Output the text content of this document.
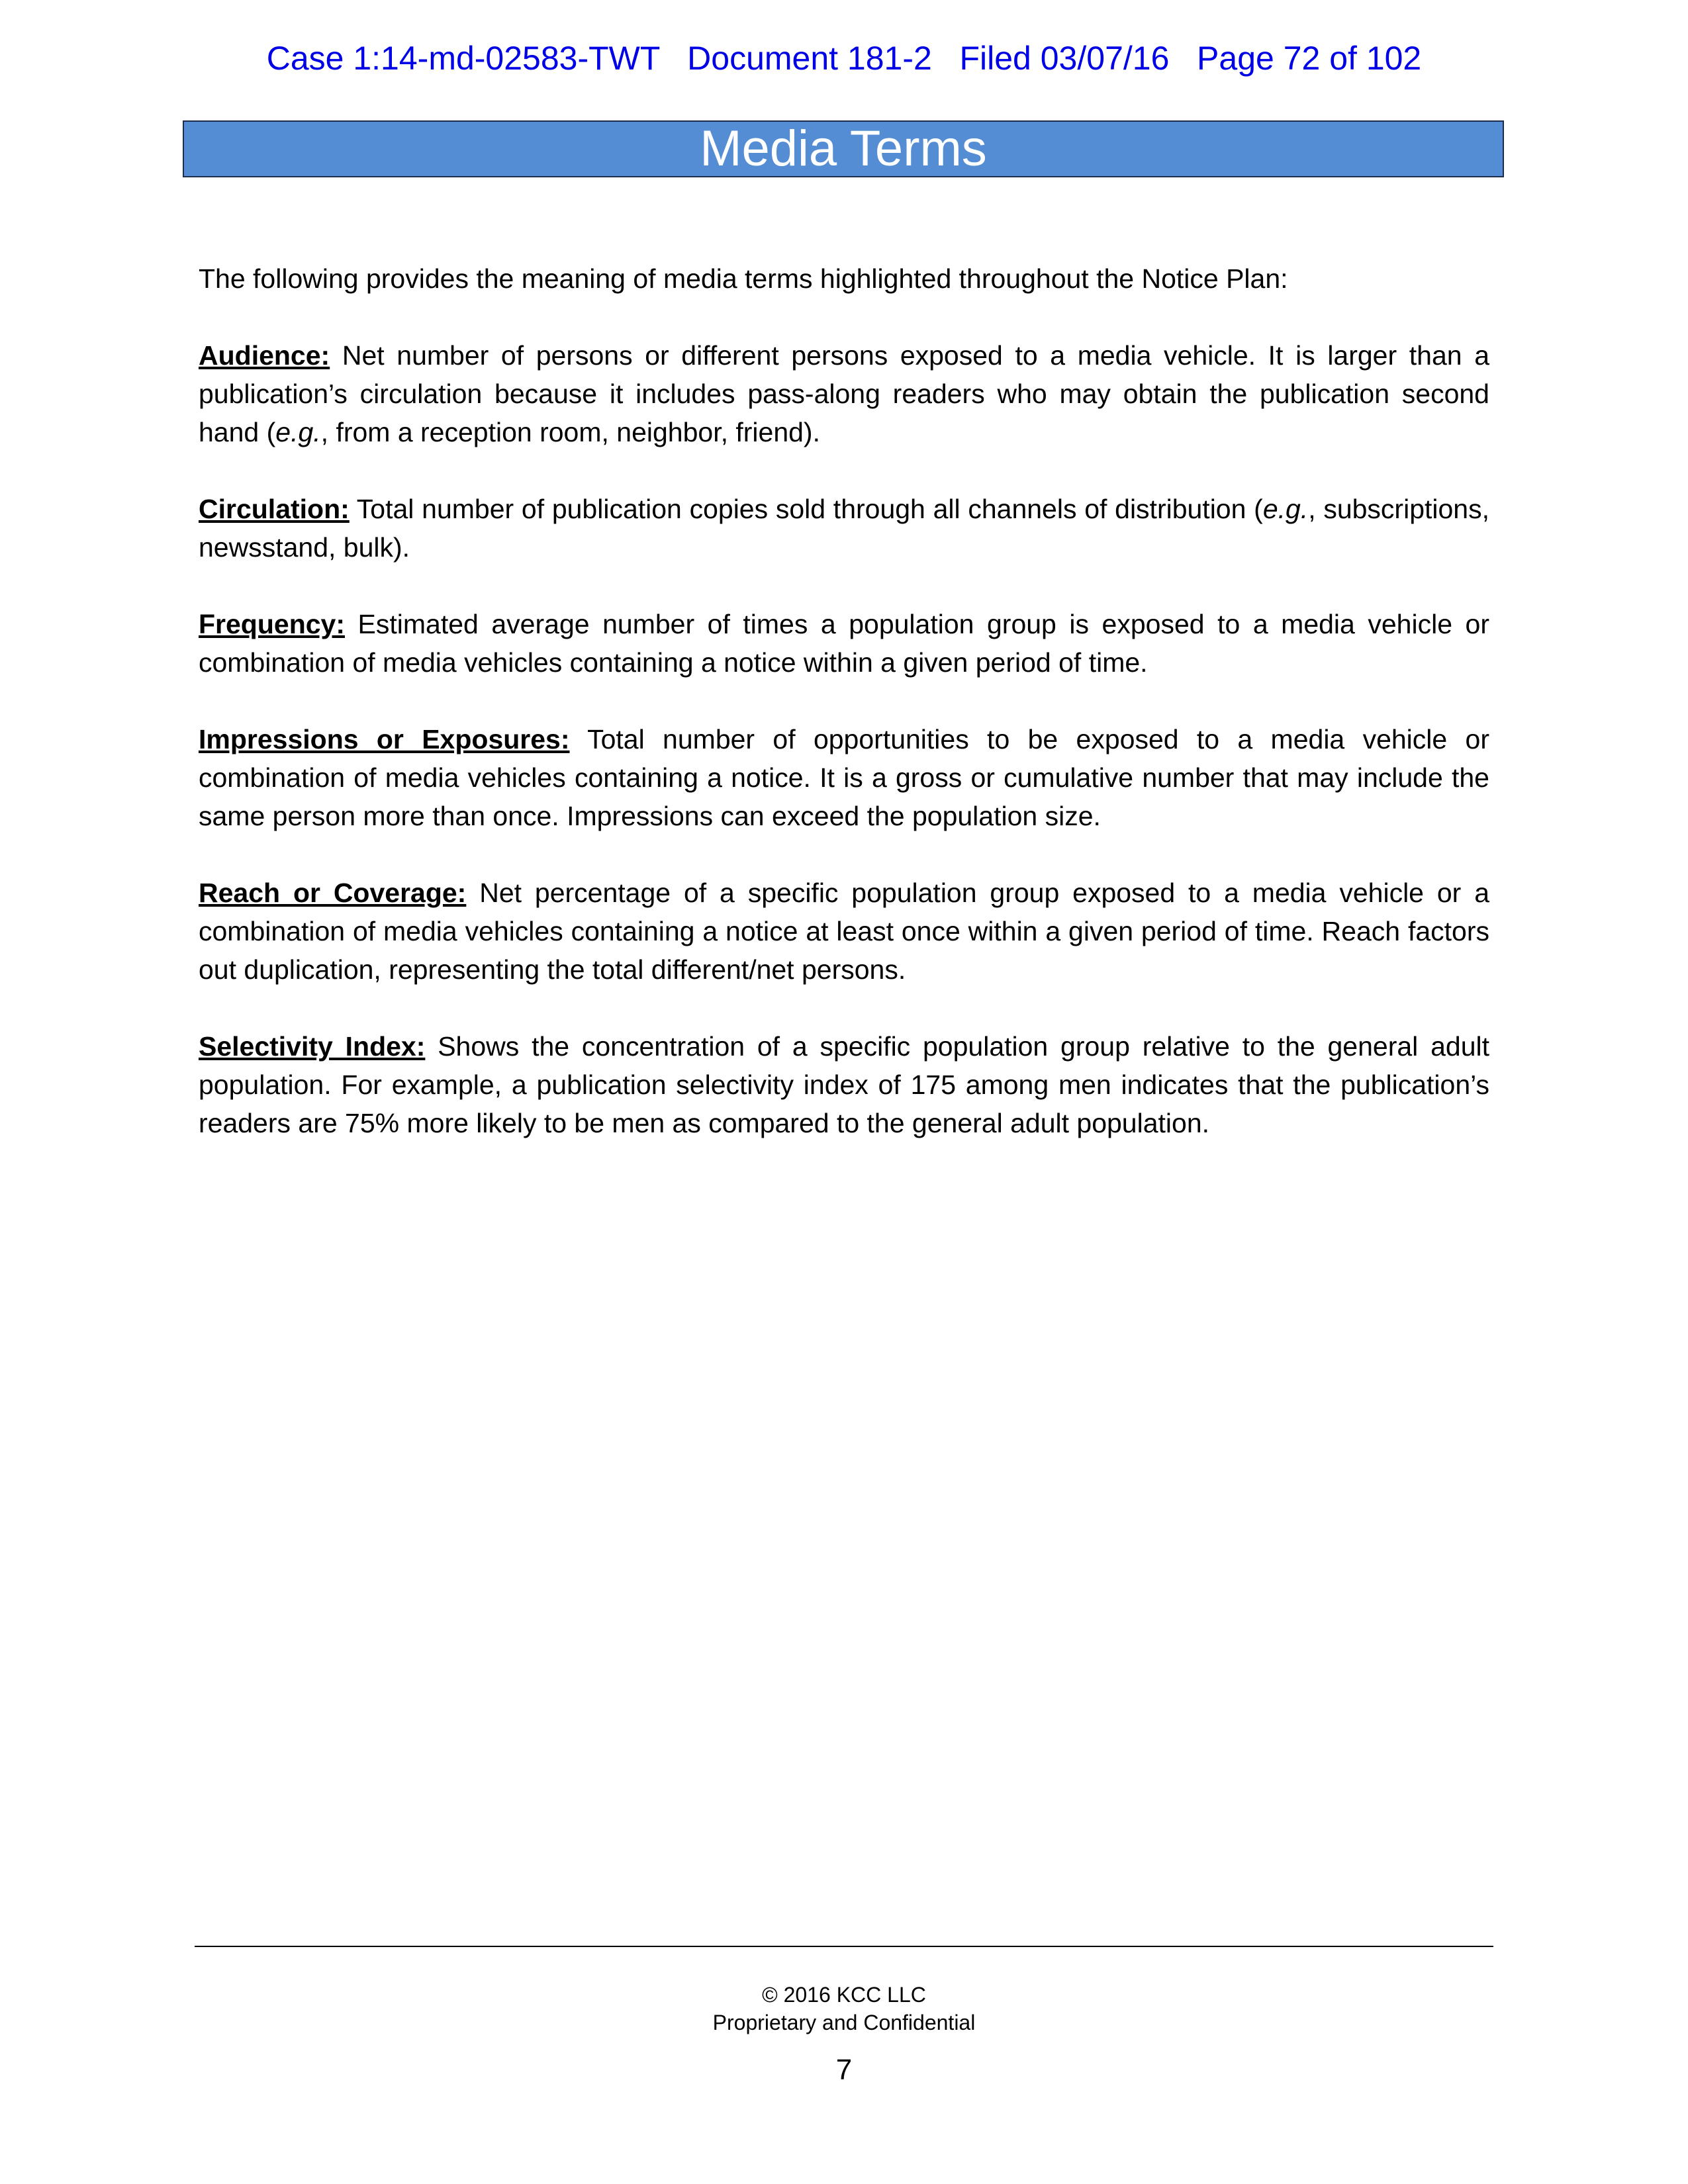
Case 1:14-md-02583-TWT   Document 181-2   Filed 03/07/16   Page 72 of 102
Media Terms

The following provides the meaning of media terms highlighted throughout the Notice Plan:

Audience: Net number of persons or different persons exposed to a media vehicle. It is larger than a publication’s circulation because it includes pass-along readers who may obtain the publication second hand (e.g., from a reception room, neighbor, friend).

Circulation: Total number of publication copies sold through all channels of distribution (e.g., subscriptions, newsstand, bulk).

Frequency: Estimated average number of times a population group is exposed to a media vehicle or combination of media vehicles containing a notice within a given period of time.

Impressions or Exposures: Total number of opportunities to be exposed to a media vehicle or combination of media vehicles containing a notice. It is a gross or cumulative number that may include the same person more than once. Impressions can exceed the population size.

Reach or Coverage: Net percentage of a specific population group exposed to a media vehicle or a combination of media vehicles containing a notice at least once within a given period of time. Reach factors out duplication, representing the total different/net persons.

Selectivity Index: Shows the concentration of a specific population group relative to the general adult population. For example, a publication selectivity index of 175 among men indicates that the publication’s readers are 75% more likely to be men as compared to the general adult population.

© 2016 KCC LLC
Proprietary and Confidential
7
